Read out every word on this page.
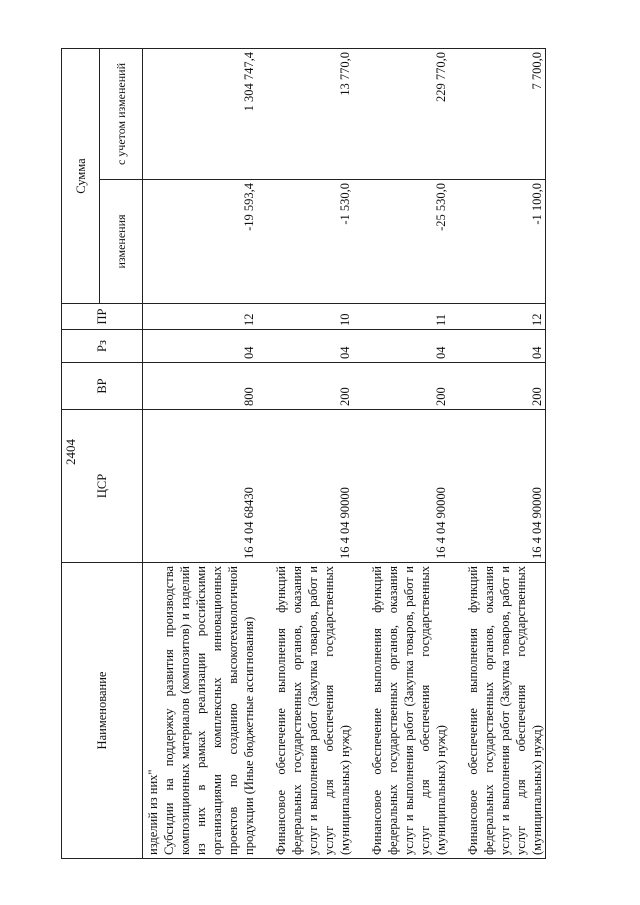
2404
Наименование	ЦСР	ВР	Рз	ПР	Сумма	
					изменения	с учетом изменений
изделий из них"						
Субсидии на поддержку развития производства композиционных материалов (композитов) и изделий из них в рамках реализации российскими организациями комплексных инновационных проектов по созданию высокотехнологичной продукции (Иные бюджетные ассигнования)	16 4 04 68430	800	04	12	-19 593,4	1 304 747,4
Финансовое обеспечение выполнения функций федеральных государственных органов, оказания услуг и выполнения работ (Закупка товаров, работ и услуг для обеспечения государственных (муниципальных) нужд)	16 4 04 90000	200	04	10	-1 530,0	13 770,0
Финансовое обеспечение выполнения функций федеральных государственных органов, оказания услуг и выполнения работ (Закупка товаров, работ и услуг для обеспечения государственных (муниципальных) нужд)	16 4 04 90000	200	04	11	-25 530,0	229 770,0
Финансовое обеспечение выполнения функций федеральных государственных органов, оказания услуг и выполнения работ (Закупка товаров, работ и услуг для обеспечения государственных (муниципальных) нужд)	16 4 04 90000	200	04	12	-1 100,0	7 700,0
